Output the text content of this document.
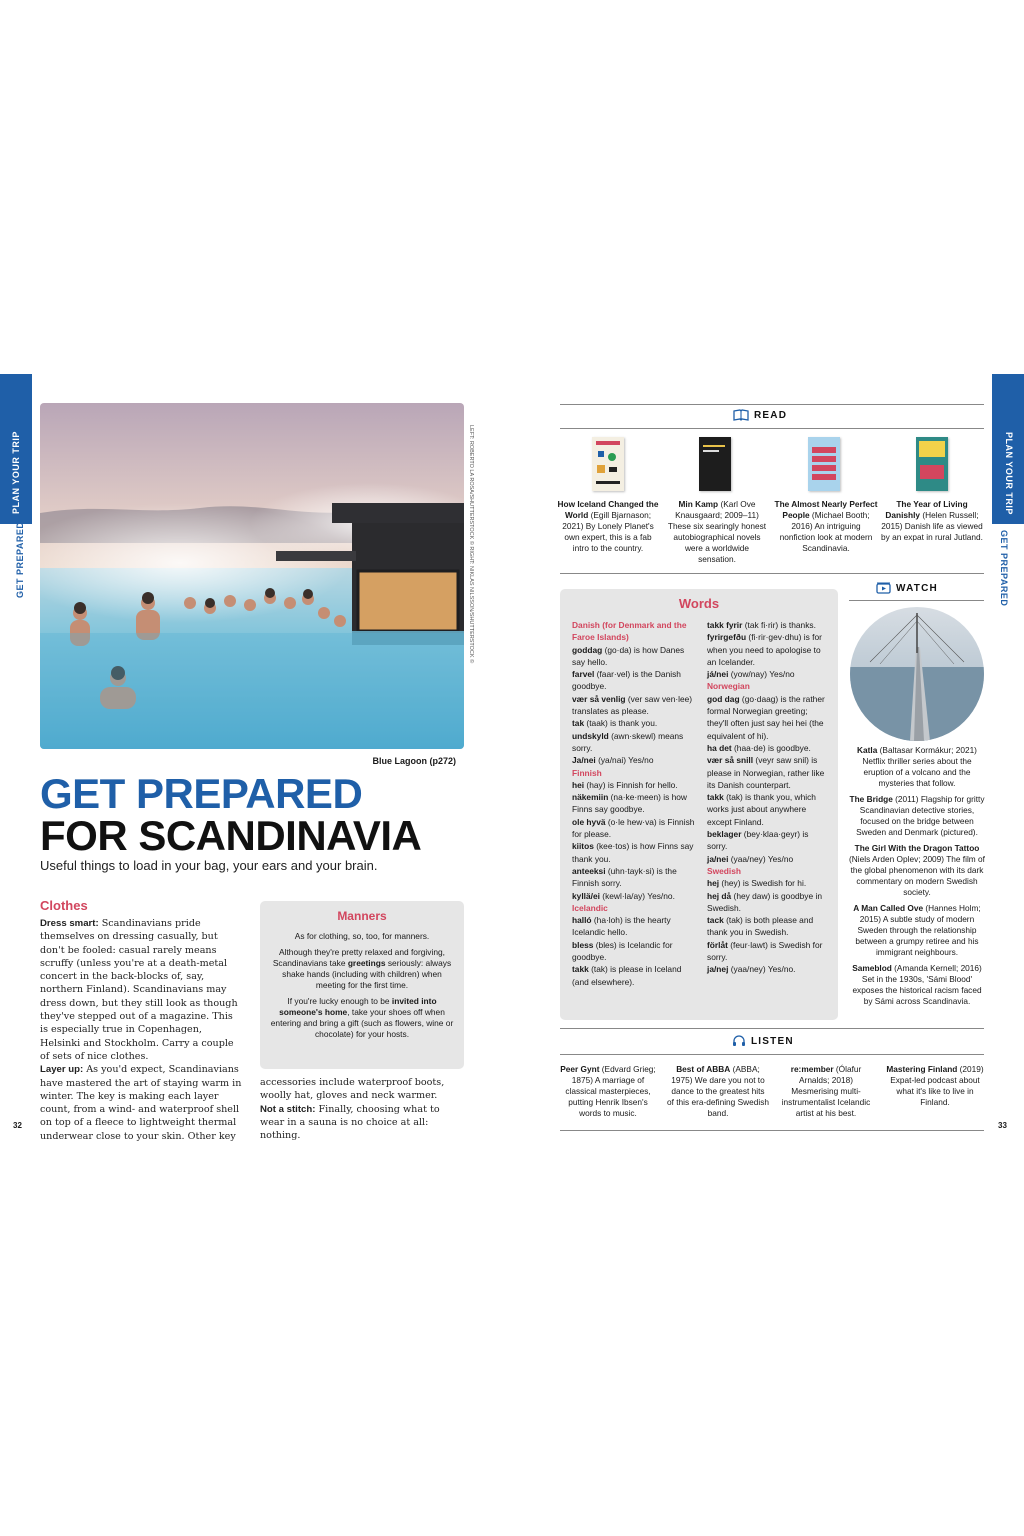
PLAN YOUR TRIP
GET PREPARED
PLAN YOUR TRIP
GET PREPARED
LEFT: ROBERTO LA ROSA/SHUTTERSTOCK © RIGHT: NIKLAS NILSSON/SHUTTERSTOCK ©
Blue Lagoon (p272)
GET PREPARED
FOR SCANDINAVIA
Useful things to load in your bag, your ears and your brain.
Clothes
Dress smart: Scandinavians pride themselves on dressing casually, but don't be fooled: casual rarely means scruffy (unless you're at a death-metal concert in the back-blocks of, say, northern Finland). Scandinavians may dress down, but they still look as though they've stepped out of a magazine. This is especially true in Copenhagen, Helsinki and Stockholm. Carry a couple of sets of nice clothes.
Layer up: As you'd expect, Scandinavians have mastered the art of staying warm in winter. The key is making each layer count, from a wind- and waterproof shell on top of a fleece to lightweight thermal underwear close to your skin. Other key
accessories include waterproof boots, woolly hat, gloves and neck warmer.
Not a stitch: Finally, choosing what to wear in a sauna is no choice at all: nothing.
Manners

As for clothing, so, too, for manners.

Although they're pretty relaxed and forgiving, Scandinavians take greetings seriously: always shake hands (including with children) when meeting for the first time.

If you're lucky enough to be invited into someone's home, take your shoes off when entering and bring a gift (such as flowers, wine or chocolate) for your hosts.

32	33
READ
How Iceland Changed the World (Egill Bjarnason; 2021) By Lonely Planet's own expert, this is a fab intro to the country.
Min Kamp (Karl Ove Knausgaard; 2009–11) These six searingly honest autobiographical novels were a worldwide sensation.
The Almost Nearly Perfect People (Michael Booth; 2016) An intriguing nonfiction look at modern Scandinavia.
The Year of Living Danishly (Helen Russell; 2015) Danish life as viewed by an expat in rural Jutland.
Words
Danish (for Denmark and the Faroe Islands)
goddag (go·da) is how Danes say hello.
farvel (faar·vel) is the Danish goodbye.
vær så venlig (ver saw ven·lee) translates as please.
tak (taak) is thank you.
undskyld (awn·skewl) means sorry.
Ja/nei (ya/nai) Yes/no
Finnish
hei (hay) is Finnish for hello.
näkemiin (na·ke·meen) is how Finns say goodbye.
ole hyvä (o·le hew·va) is Finnish for please.
kiitos (kee·tos) is how Finns say thank you.
anteeksi (uhn·tayk·si) is the Finnish sorry.
kyllä/ei (kewl·la/ay) Yes/no.
Icelandic
halló (ha·loh) is the hearty Icelandic hello.
bless (bles) is Icelandic for goodbye.
takk (tak) is please in Iceland (and elsewhere).
takk fyrir (tak fi·rir) is thanks.
fyrirgefðu (fi·rir·gev·dhu) is for when you need to apologise to an Icelander.
já/nei (yow/nay) Yes/no
Norwegian
god dag (go·daag) is the rather formal Norwegian greeting; they'll often just say hei hei (the equivalent of hi).
ha det (haa·de) is goodbye.
vær så snill (veyr saw snil) is please in Norwegian, rather like its Danish counterpart.
takk (tak) is thank you, which works just about anywhere except Finland.
beklager (bey·klaa·geyr) is sorry.
ja/nei (yaa/ney) Yes/no
Swedish
hej (hey) is Swedish for hi.
hej då (hey daw) is goodbye in Swedish.
tack (tak) is both please and thank you in Swedish.
förlåt (feur·lawt) is Swedish for sorry.
ja/nej (yaa/ney) Yes/no.
WATCH
Katla (Baltasar Kormákur; 2021) Netflix thriller series about the eruption of a volcano and the mysteries that follow.
The Bridge (2011) Flagship for gritty Scandinavian detective stories, focused on the bridge between Sweden and Denmark (pictured).
The Girl With the Dragon Tattoo (Niels Arden Oplev; 2009) The film of the global phenomenon with its dark commentary on modern Swedish society.
A Man Called Ove (Hannes Holm; 2015) A subtle study of modern Sweden through the relationship between a grumpy retiree and his immigrant neighbours.
Sameblod (Amanda Kernell; 2016) Set in the 1930s, 'Sámi Blood' exposes the historical racism faced by Sámi across Scandinavia.
LISTEN
Peer Gynt (Edvard Grieg; 1875) A marriage of classical masterpieces, putting Henrik Ibsen's words to music.
Best of ABBA (ABBA; 1975) We dare you not to dance to the greatest hits of this era-defining Swedish band.
re:member (Ólafur Arnalds; 2018) Mesmerising multi-instrumentalist Icelandic artist at his best.
Mastering Finland (2019) Expat-led podcast about what it's like to live in Finland.
